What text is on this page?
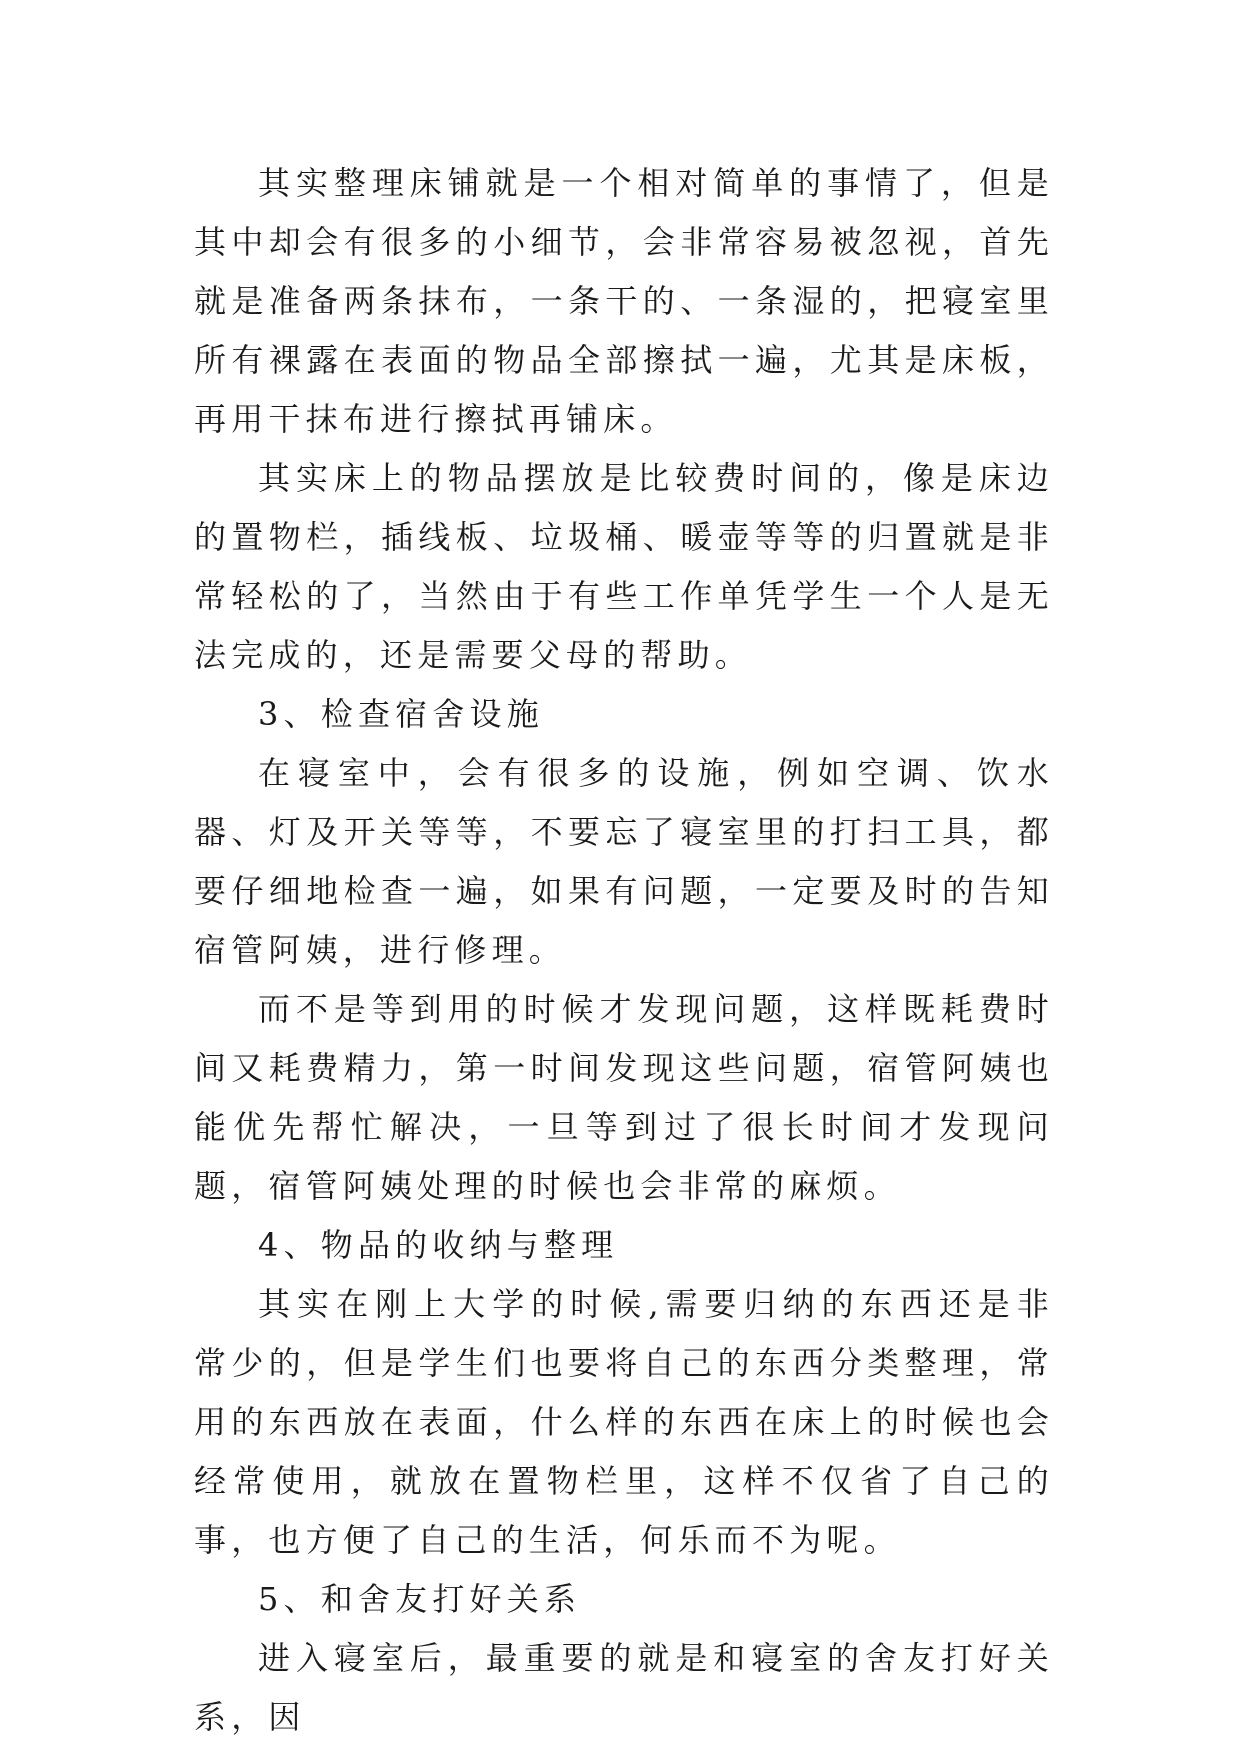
其实整理床铺就是一个相对简单的事情了，但是其中却会有很多的小细节，会非常容易被忽视，首先就是准备两条抹布，一条干的、一条湿的，把寝室里所有裸露在表面的物品全部擦拭一遍，尤其是床板，再用干抹布进行擦拭再铺床。

其实床上的物品摆放是比较费时间的，像是床边的置物栏，插线板、垃圾桶、暖壶等等的归置就是非常轻松的了，当然由于有些工作单凭学生一个人是无法完成的，还是需要父母的帮助。

3、检查宿舍设施

在寝室中，会有很多的设施，例如空调、饮水器、灯及开关等等，不要忘了寝室里的打扫工具，都要仔细地检查一遍，如果有问题，一定要及时的告知宿管阿姨，进行修理。

而不是等到用的时候才发现问题，这样既耗费时间又耗费精力，第一时间发现这些问题，宿管阿姨也能优先帮忙解决，一旦等到过了很长时间才发现问题，宿管阿姨处理的时候也会非常的麻烦。

4、物品的收纳与整理

其实在刚上大学的时候,需要归纳的东西还是非常少的，但是学生们也要将自己的东西分类整理，常用的东西放在表面，什么样的东西在床上的时候也会经常使用，就放在置物栏里，这样不仅省了自己的事，也方便了自己的生活，何乐而不为呢。

5、和舍友打好关系

进入寝室后，最重要的就是和寝室的舍友打好关系，因
